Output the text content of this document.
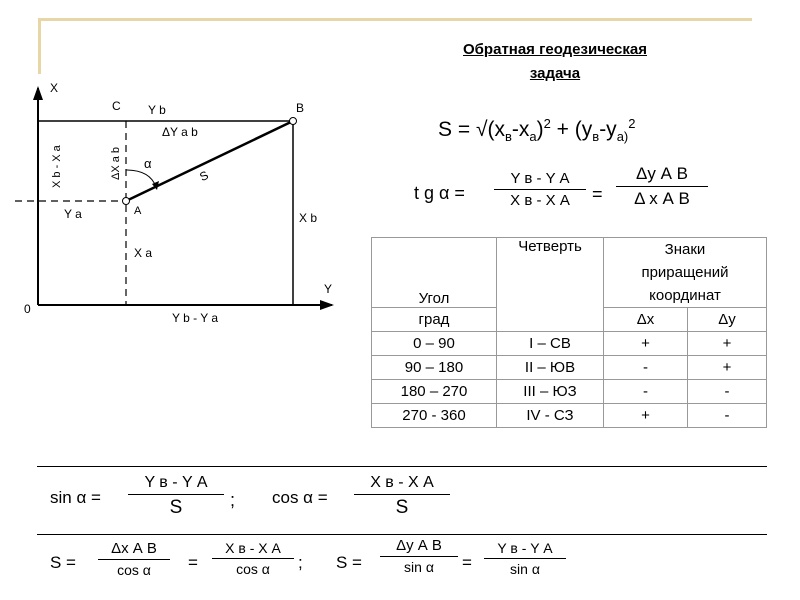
Обратная геодезическая
задача
X
Y
0
C	B
A
Y b
ΔY a b
α
S
X b - X a	ΔX a b
Y a
X a
X b
Y b - Y a
$S = √(x_в-x_а)^2 + (y_в-y_{а)}^2$
t g α =
Y в - Y А
X в - X А	=
Δy А В
Δ x А В
Угол	Четверть	Знаки приращений координат	
град		Δx	Δy
0 – 90	I – СВ	+	+
90 – 180	II – ЮВ	-	+
180 – 270	III – ЮЗ	-	-
270 - 360	IV - СЗ	+	-
sin α =
Y в - Y А
S	; cos α =
X в - X А
S
S =
Δx А В
cos α	=
X в - X А
cos α	; S =
Δy А В
sin α	=
Y в - Y А
sin α
